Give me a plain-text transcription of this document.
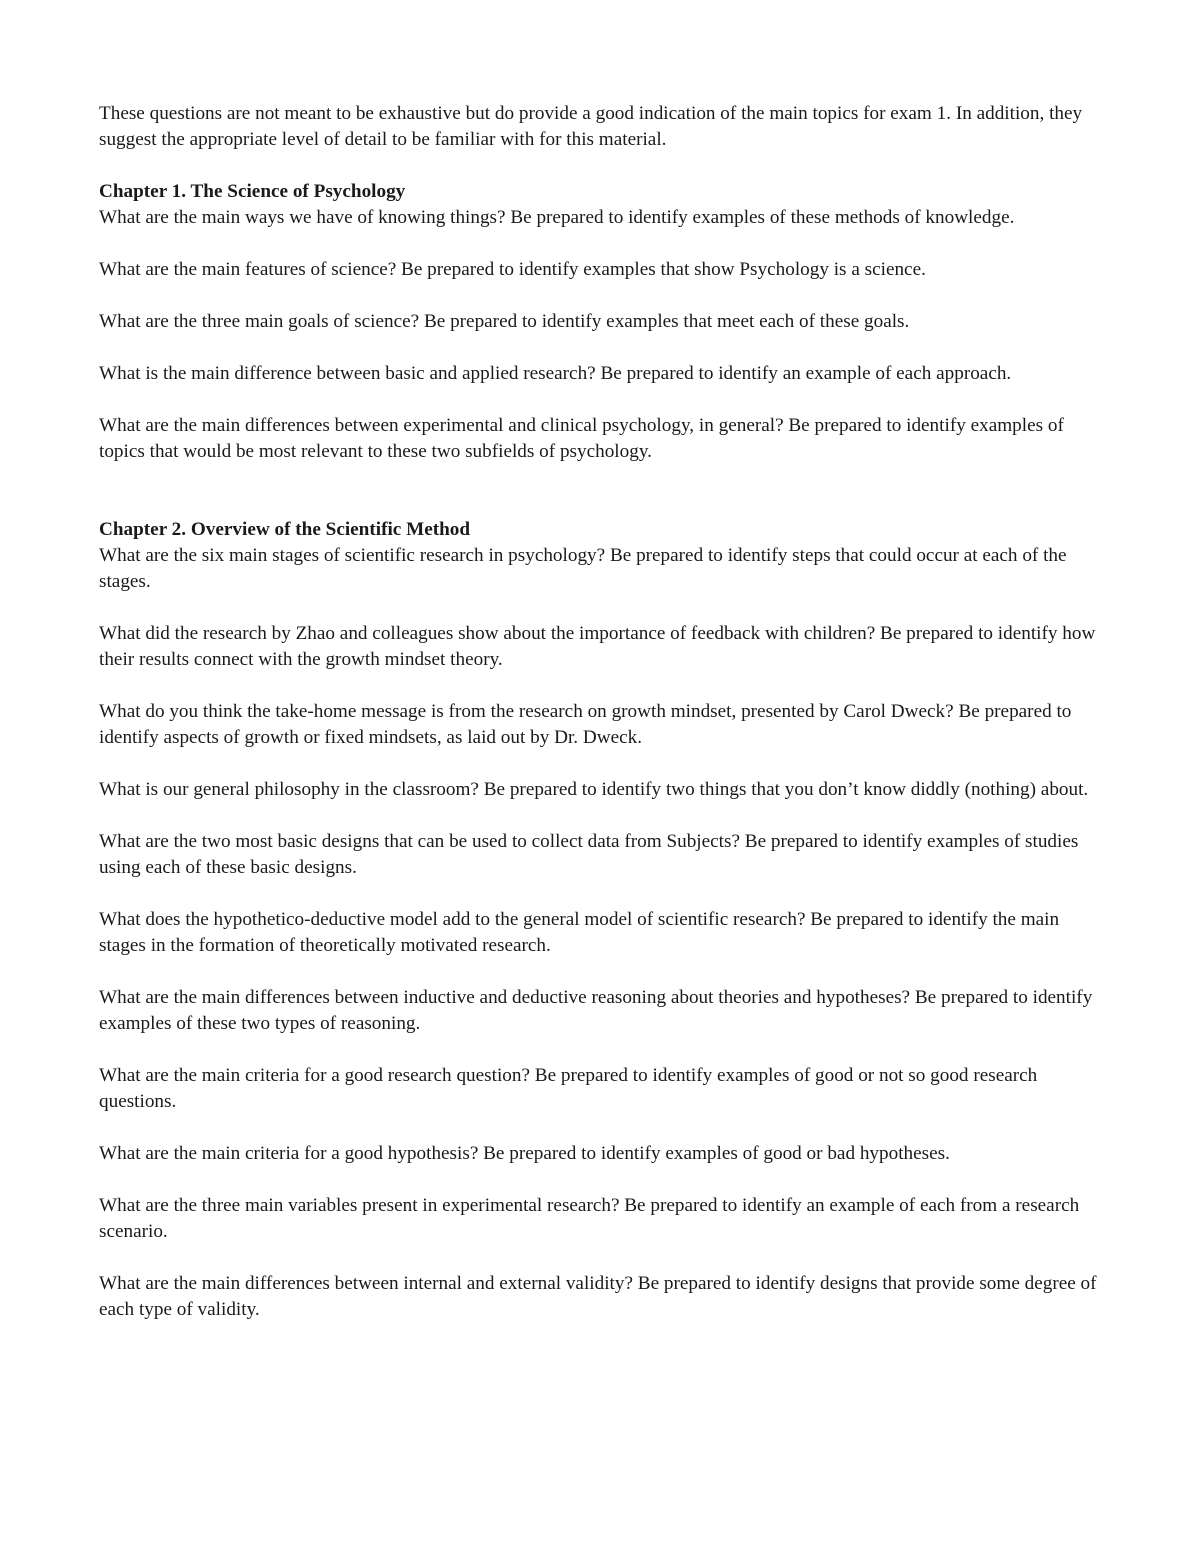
These questions are not meant to be exhaustive but do provide a good indication of the main topics for exam 1. In addition, they suggest the appropriate level of detail to be familiar with for this material.

Chapter 1. The Science of Psychology

What are the main ways we have of knowing things? Be prepared to identify examples of these methods of knowledge.

What are the main features of science? Be prepared to identify examples that show Psychology is a science.

What are the three main goals of science? Be prepared to identify examples that meet each of these goals.

What is the main difference between basic and applied research? Be prepared to identify an example of each approach.

What are the main differences between experimental and clinical psychology, in general? Be prepared to identify examples of topics that would be most relevant to these two subfields of psychology.

Chapter 2. Overview of the Scientific Method

What are the six main stages of scientific research in psychology? Be prepared to identify steps that could occur at each of the stages.

What did the research by Zhao and colleagues show about the importance of feedback with children? Be prepared to identify how their results connect with the growth mindset theory.

What do you think the take-home message is from the research on growth mindset, presented by Carol Dweck? Be prepared to identify aspects of growth or fixed mindsets, as laid out by Dr. Dweck.

What is our general philosophy in the classroom? Be prepared to identify two things that you don’t know diddly (nothing) about.

What are the two most basic designs that can be used to collect data from Subjects? Be prepared to identify examples of studies using each of these basic designs.

What does the hypothetico-deductive model add to the general model of scientific research? Be prepared to identify the main stages in the formation of theoretically motivated research.

What are the main differences between inductive and deductive reasoning about theories and hypotheses? Be prepared to identify examples of these two types of reasoning.

What are the main criteria for a good research question? Be prepared to identify examples of good or not so good research questions.

What are the main criteria for a good hypothesis? Be prepared to identify examples of good or bad hypotheses.

What are the three main variables present in experimental research? Be prepared to identify an example of each from a research scenario.

What are the main differences between internal and external validity? Be prepared to identify designs that provide some degree of each type of validity.
